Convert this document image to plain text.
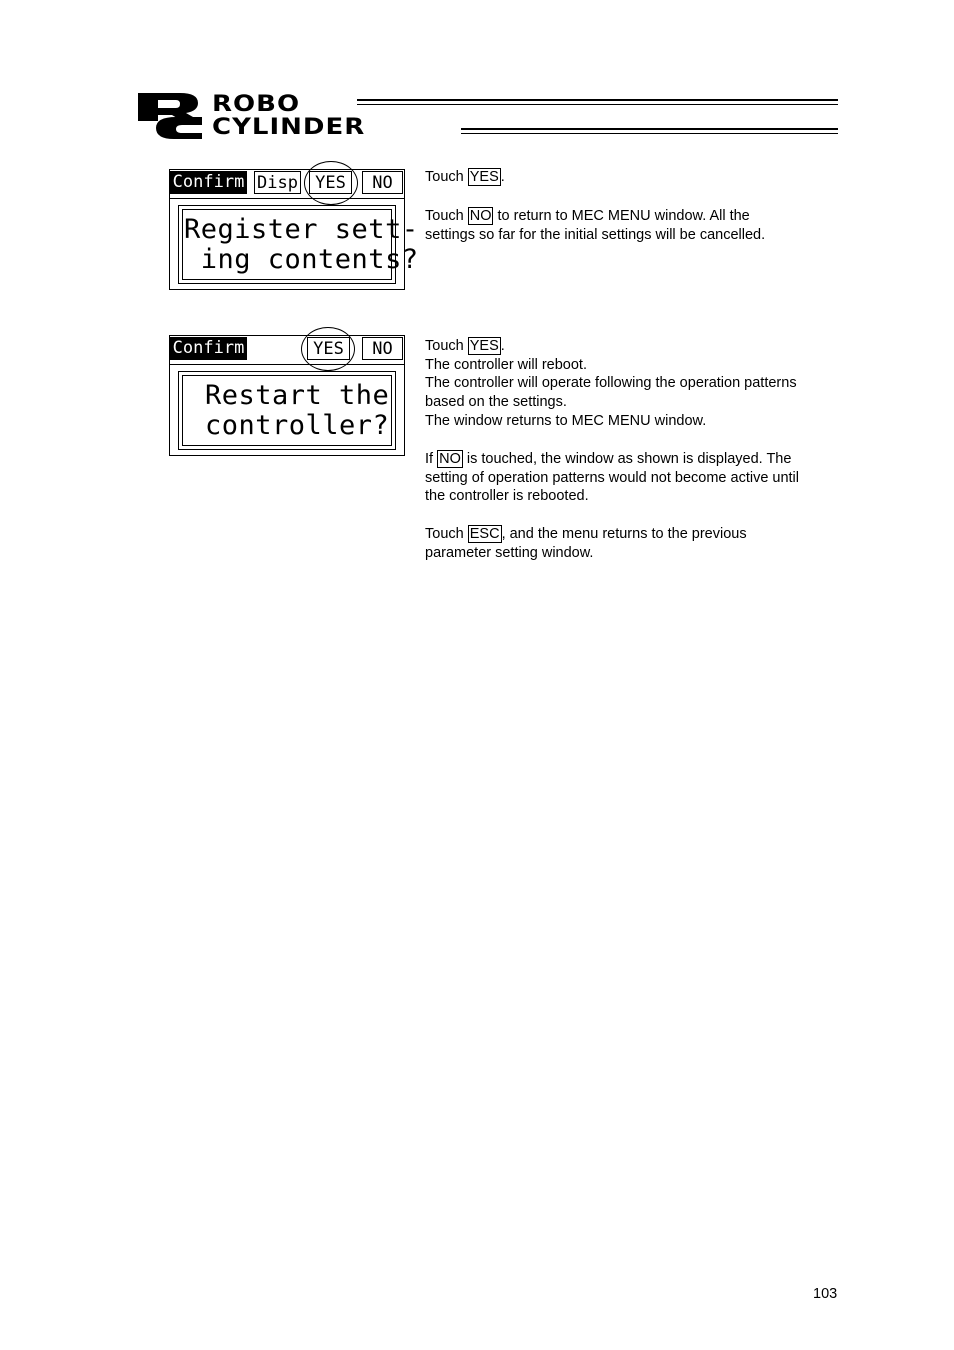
ROBO
CYLINDER
Confirm Disp	YES	NO
Register sett-
ing contents?
Confirm	YES	NO
Restart the
controller?

Touch YES .

Touch NO to return to MEC MENU window. All the
settings so far for the initial settings will be cancelled.

Touch YES .
The controller will reboot.
The controller will operate following the operation patterns
based on the settings.
The window returns to MEC MENU window.

If NO is touched, the window as shown is displayed. The
setting of operation patterns would not become active until
the controller is rebooted.

Touch ESC , and the menu returns to the previous
parameter setting window.

103
